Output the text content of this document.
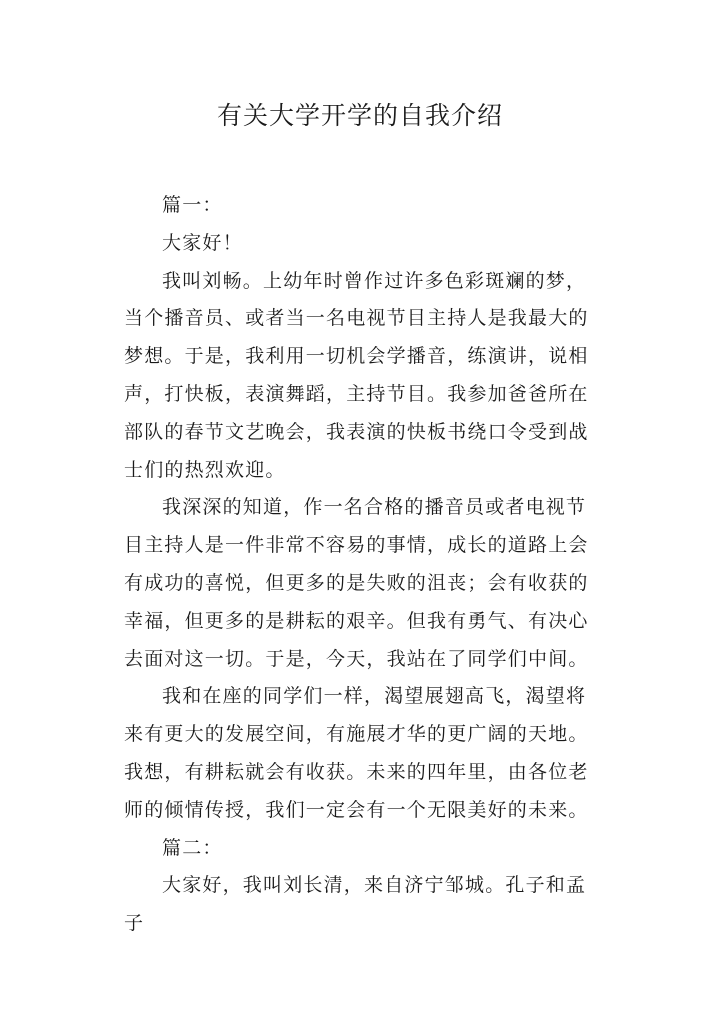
有关大学开学的自我介绍

篇一：

大家好！

我叫刘畅。上幼年时曾作过许多色彩斑斓的梦，当个播音员、或者当一名电视节目主持人是我最大的梦想。于是，我利用一切机会学播音，练演讲，说相声，打快板，表演舞蹈，主持节目。我参加爸爸所在部队的春节文艺晚会，我表演的快板书绕口令受到战士们的热烈欢迎。

我深深的知道，作一名合格的播音员或者电视节目主持人是一件非常不容易的事情，成长的道路上会有成功的喜悦，但更多的是失败的沮丧；会有收获的幸福，但更多的是耕耘的艰辛。但我有勇气、有决心去面对这一切。于是，今天，我站在了同学们中间。

我和在座的同学们一样，渴望展翅高飞，渴望将来有更大的发展空间，有施展才华的更广阔的天地。我想，有耕耘就会有收获。未来的四年里，由各位老师的倾情传授，我们一定会有一个无限美好的未来。

篇二：

大家好，我叫刘长清，来自济宁邹城。孔子和孟子
